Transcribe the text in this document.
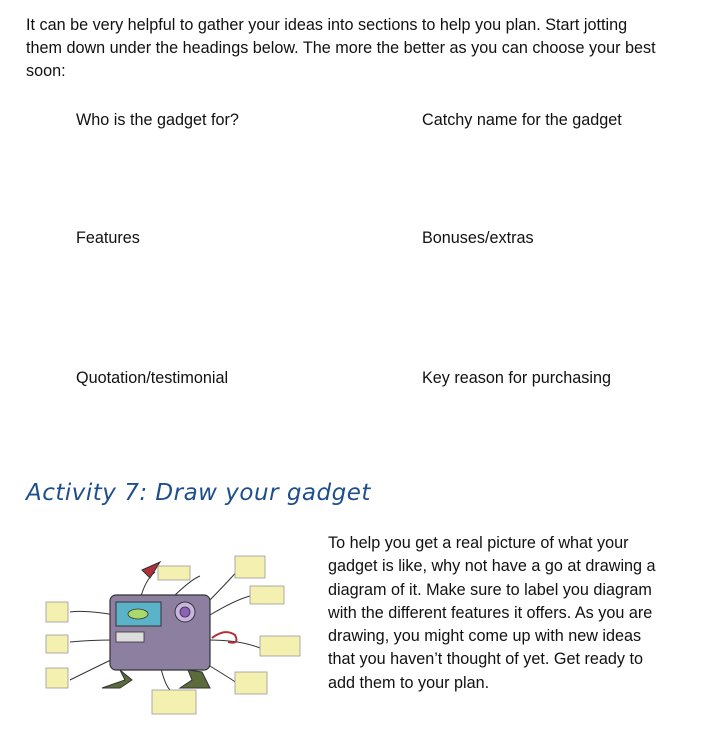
It can be very helpful to gather your ideas into sections to help you plan. Start jotting them down under the headings below. The more the better as you can choose your best soon:
Who is the gadget for?	Catchy name for the gadget
Features	Bonuses/extras
Quotation/testimonial	Key reason for purchasing
Activity 7: Draw your gadget
To help you get a real picture of what your gadget is like, why not have a go at drawing a diagram of it. Make sure to label you diagram with the different features it offers. As you are drawing, you might come up with new ideas that you haven’t thought of yet. Get ready to add them to your plan.
